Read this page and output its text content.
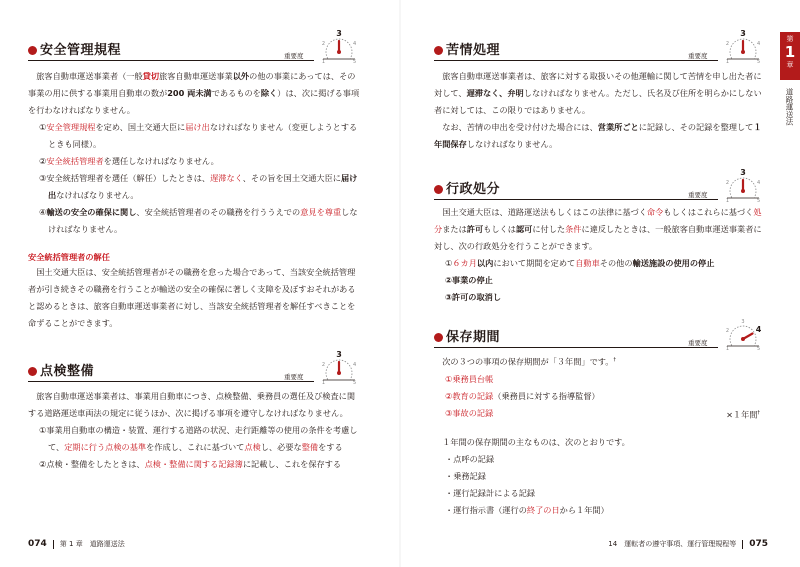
安全管理規程	重要度
1
2
3
4
5

旅客自動車運送事業者（一般貸切旅客自動車運送事業以外の他の事業にあっては、その事業の用に供する事業用自動車の数が200 両未満であるものを除く）は、次に掲げる事項を行わなければなりません。

①安全管理規程を定め、国土交通大臣に届け出なければなりません（変更しようとするときも同様）。

②安全統括管理者を選任しなければなりません。

③安全統括管理者を選任（解任）したときは、遅滞なく、その旨を国土交通大臣に届け出なければなりません。

④輸送の安全の確保に関し、安全統括管理者のその職務を行ううえでの意見を尊重しなければなりません。

安全統括管理者の解任

国土交通大臣は、安全統括管理者がその職務を怠った場合であって、当該安全統括管理者が引き続きその職務を行うことが輸送の安全の確保に著しく支障を及ぼすおそれがあると認めるときは、旅客自動車運送事業者に対し、当該安全統括管理者を解任すべきことを命ずることができます。

点検整備	重要度
1
2
3
4
5

旅客自動車運送事業者は、事業用自動車につき、点検整備、乗務員の選任及び検査に関する道路運送車両法の規定に従うほか、次に掲げる事項を遵守しなければなりません。

①事業用自動車の構造・装置、運行する道路の状況、走行距離等の使用の条件を考慮して、定期に行う点検の基準を作成し、これに基づいて点検し、必要な整備をする

②点検・整備をしたときは、点検・整備に関する記録簿に記載し、これを保存する

074 第 1 章　道路運送法
苦情処理	重要度
1
2
3
4
5

旅客自動車運送事業者は、旅客に対する取扱いその他運輸に関して苦情を申し出た者に対して、遅滞なく、弁明しなければなりません。ただし、氏名及び住所を明らかにしない者に対しては、この限りではありません。

なお、苦情の申出を受け付けた場合には、営業所ごとに記録し、その記録を整理して１年間保存しなければなりません。

行政処分	重要度
1
2
3
4
5

国土交通大臣は、道路運送法もしくはこの法律に基づく命令もしくはこれらに基づく処分または許可もしくは認可に付した条件に違反したときは、一般旅客自動車運送事業者に対し、次の行政処分を行うことができます。

①６カ月以内において期間を定めて自動車その他の輸送施設の使用の停止

②事業の停止

③許可の取消し

保存期間	重要度
1
2
3
4
5

次の３つの事項の保存期間が「３年間」です。†

①乗務員台帳

②教育の記録（乗務員に対する指導監督）

③事故の記録	×１年間†

１年間の保存期間の主なものは、次のとおりです。

・点呼の記録

・乗務記録

・運行記録計による記録

・運行指示書（運行の終了の日から１年間）

14　運転者の遵守事項、運行管理規程等 075
第
1
章
道路運送法
